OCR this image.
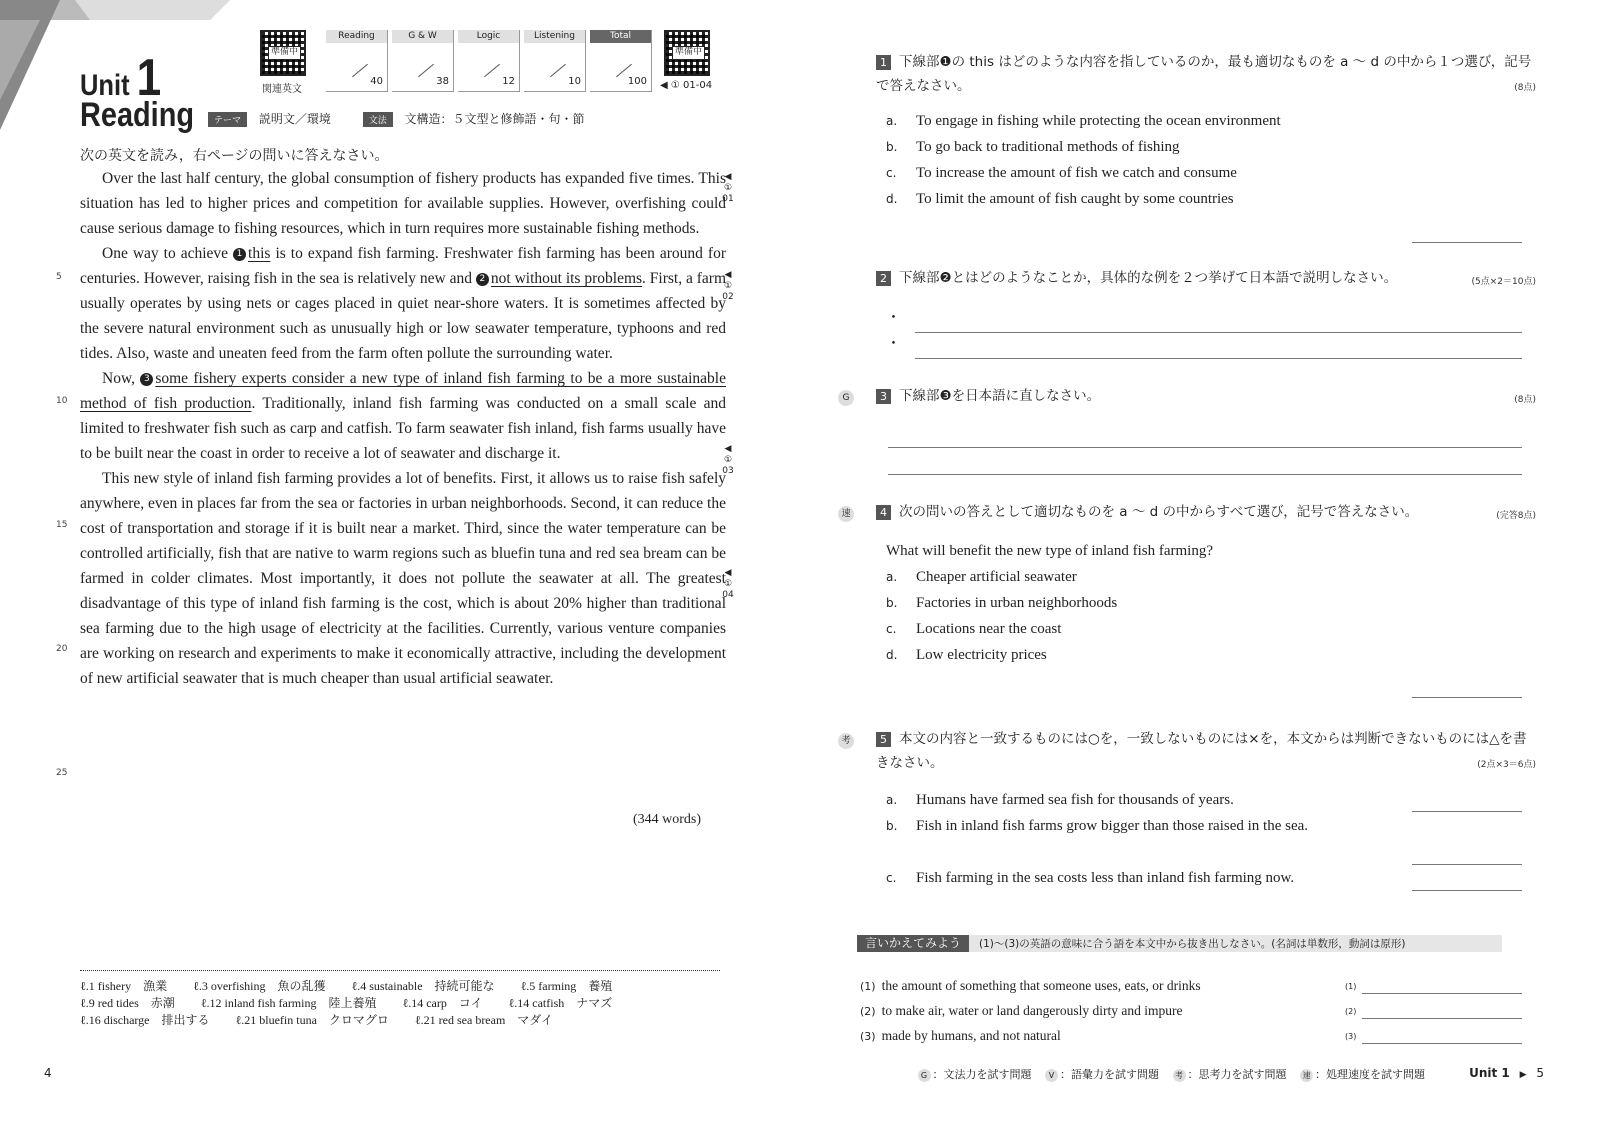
Unit 1
Reading
準備中
関連英文
Reading
40
G & W
38
Logic
12
Listening
10
Total
100
準備中
◀ ① 01-04
テーマ 説明文／環境	文法 文構造：５文型と修飾語・句・節
次の英文を読み，右ページの問いに答えなさい。

Over the last half century, the global consumption of fishery products has expanded five times. This situation has led to higher prices and competition for available supplies. However, overfishing could cause serious damage to fishing resources, which in turn requires more sustainable fishing methods.

One way to achieve 1 this is to expand fish farming. Freshwater fish farming has been around for centuries. However, raising fish in the sea is relatively new and 2 not without its problems. First, a farm usually operates by using nets or cages placed in quiet near-shore waters. It is sometimes affected by the severe natural environment such as unusually high or low seawater temperature, typhoons and red tides. Also, waste and uneaten feed from the farm often pollute the surrounding water.

Now, 3 some fishery experts consider a new type of inland fish farming to be a more sustainable method of fish production. Traditionally, inland fish farming was conducted on a small scale and limited to freshwater fish such as carp and catfish. To farm seawater fish inland, fish farms usually have to be built near the coast in order to receive a lot of seawater and discharge it.

This new style of inland fish farming provides a lot of benefits. First, it allows us to raise fish safely anywhere, even in places far from the sea or factories in urban neighborhoods. Second, it can reduce the cost of transportation and storage if it is built near a market. Third, since the water temperature can be controlled artificially, fish that are native to warm regions such as bluefin tuna and red sea bream can be farmed in colder climates. Most importantly, it does not pollute the seawater at all. The greatest disadvantage of this type of inland fish farming is the cost, which is about 20% higher than traditional sea farming due to the high usage of electricity at the facilities. Currently, various venture companies are working on research and experiments to make it economically attractive, including the development of new artificial seawater that is much cheaper than usual artificial seawater.

5
10
15
20
25
◀
①
01
◀
①
02
◀
①
03
◀
①
04
(344 words)
ℓ.1 fishery　漁業 ℓ.3 overfishing　魚の乱獲 ℓ.4 sustainable　持続可能な ℓ.5 farming　養殖
ℓ.9 red tides　赤潮 ℓ.12 inland fish farming　陸上養殖 ℓ.14 carp　コイ ℓ.14 catfish　ナマズ
ℓ.16 discharge　排出する ℓ.21 bluefin tuna　クロマグロ ℓ.21 red sea bream　マダイ
4
1 下線部❶の this はどのような内容を指しているのか，最も適切なものを a ～ d の中から１つ選び，記号で答えなさい。	(8点)
a. To engage in fishing while protecting the ocean environment
b. To go back to traditional methods of fishing
c. To increase the amount of fish we catch and consume
d. To limit the amount of fish caught by some countries
2 下線部❷とはどのようなことか，具体的な例を２つ挙げて日本語で説明しなさい。	(5点×2＝10点)
・
・
G	3 下線部❸を日本語に直しなさい。	(8点)
速	4 次の問いの答えとして適切なものを a ～ d の中からすべて選び，記号で答えなさい。	(完答8点)
What will benefit the new type of inland fish farming?
a. Cheaper artificial seawater
b. Factories in urban neighborhoods
c. Locations near the coast
d. Low electricity prices
考	5 本文の内容と一致するものには○を，一致しないものには×を，本文からは判断できないものには△を書きなさい。	(2点×3＝6点)
a. Humans have farmed sea fish for thousands of years.
b. Fish in inland fish farms grow bigger than those raised in the sea.
c. Fish farming in the sea costs less than inland fish farming now.
言いかえてみよう (1)～(3)の英語の意味に合う語を本文中から抜き出しなさい。(名詞は単数形，動詞は原形)
(1) the amount of something that someone uses, eats, or drinks	(1)
(2) to make air, water or land dangerously dirty and impure	(2)
(3) made by humans, and not natural	(3)
G ：文法力を試す問題 V ：語彙力を試す問題 考 ：思考力を試す問題 速 ：処理速度を試す問題	Unit 1 ▶ 5
